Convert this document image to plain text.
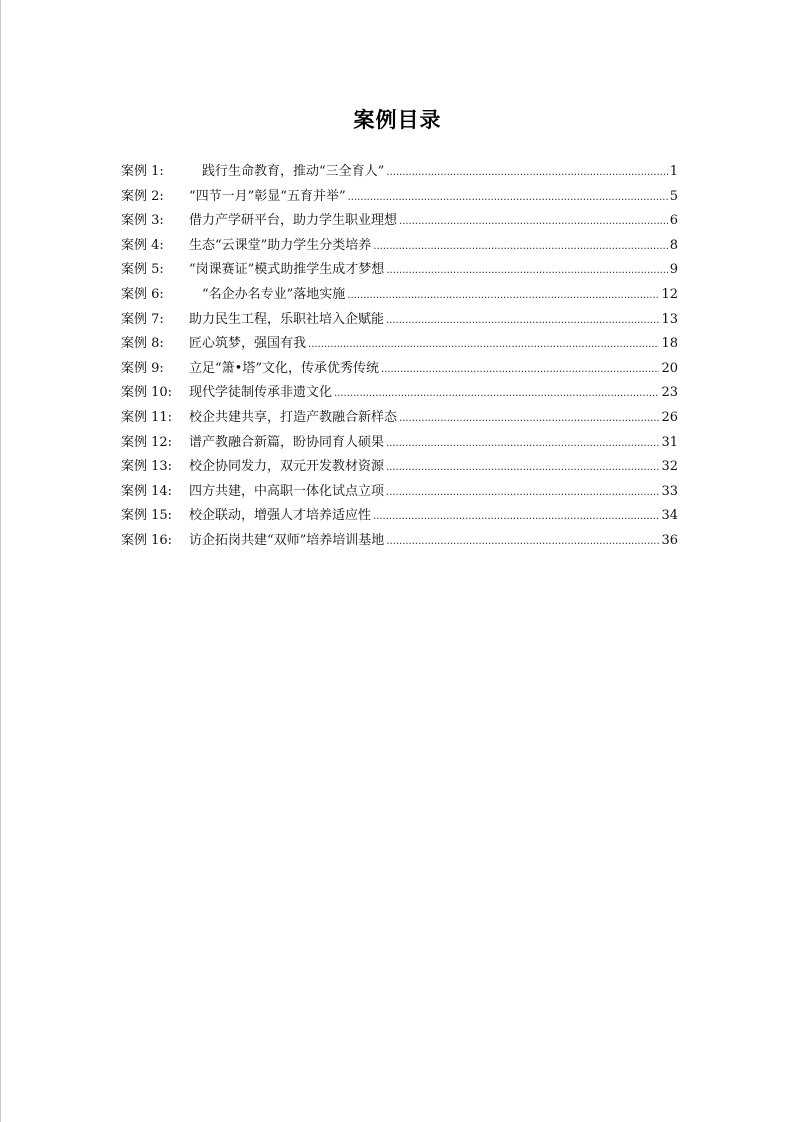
案例目录
案例 1:	　践行生命教育，推动“三全育人” .....	1
案例 2:	“四节一月”彰显“五育并举” .....	5
案例 3:	借力产学研平台，助力学生职业理想 .....	6
案例 4:	生态“云课堂”助力学生分类培养 .....	8
案例 5:	“岗课赛证”模式助推学生成才梦想 .....	9
案例 6:	 “名企办名专业”落地实施 .....	12
案例 7:	助力民生工程，乐职社培入企赋能 .....	13
案例 8:	匠心筑梦，强国有我 .....	18
案例 9:	立足“箫•塔”文化，传承优秀传统 .....	20
案例 10:	现代学徒制传承非遗文化 .....	23
案例 11:	校企共建共享，打造产教融合新样态 .....	26
案例 12:	谱产教融合新篇，盼协同育人硕果 .....	31
案例 13:	校企协同发力，双元开发教材资源 .....	32
案例 14:	四方共建，中高职一体化试点立项 .....	33
案例 15:	校企联动，增强人才培养适应性 .....	34
案例 16:	访企拓岗共建“双师”培养培训基地 .....	36
